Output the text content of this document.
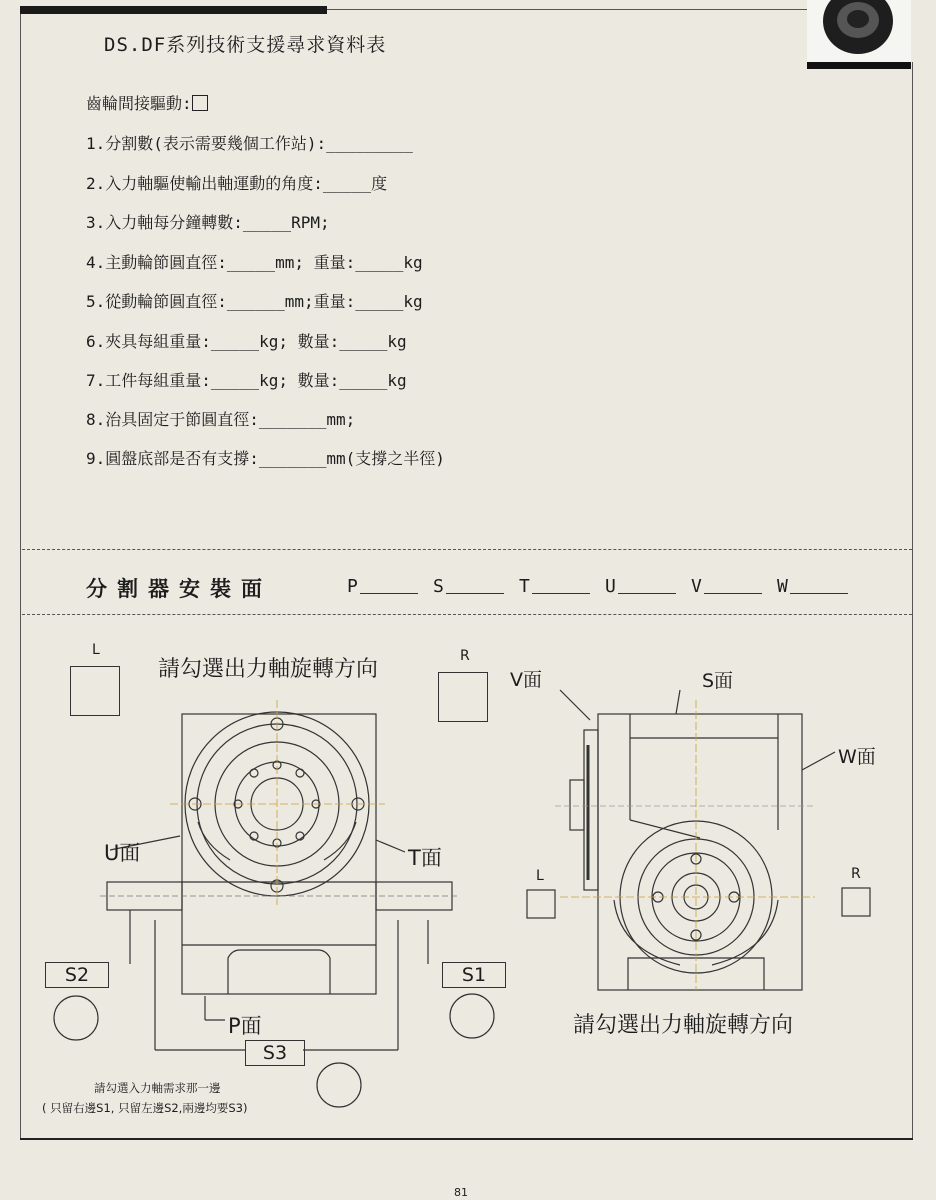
DS.DF系列技術支援尋求資料表
齒輪間接驅動:
1.分割數(表示需要幾個工作站):_________
2.入力軸驅使輸出軸運動的角度:_____度
3.入力軸每分鐘轉數:_____RPM;
4.主動輪節圓直徑:_____mm; 重量:_____kg
5.從動輪節圓直徑:______mm;重量:_____kg
6.夾具每組重量:_____kg; 數量:_____kg
7.工件每組重量:_____kg; 數量:_____kg
8.治具固定于節圓直徑:_______mm;
9.圓盤底部是否有支撐:_______mm(支撐之半徑)
分割器安裝面	P	S	T	U	V	W
請勾選出力軸旋轉方向
L	R
U面	T面
P面
S2	S1
S3
V面	S面
W面
L	R
請勾選出力軸旋轉方向
請勾選入力軸需求那一邊
( 只留右邊S1, 只留左邊S2,兩邊均要S3)
81
